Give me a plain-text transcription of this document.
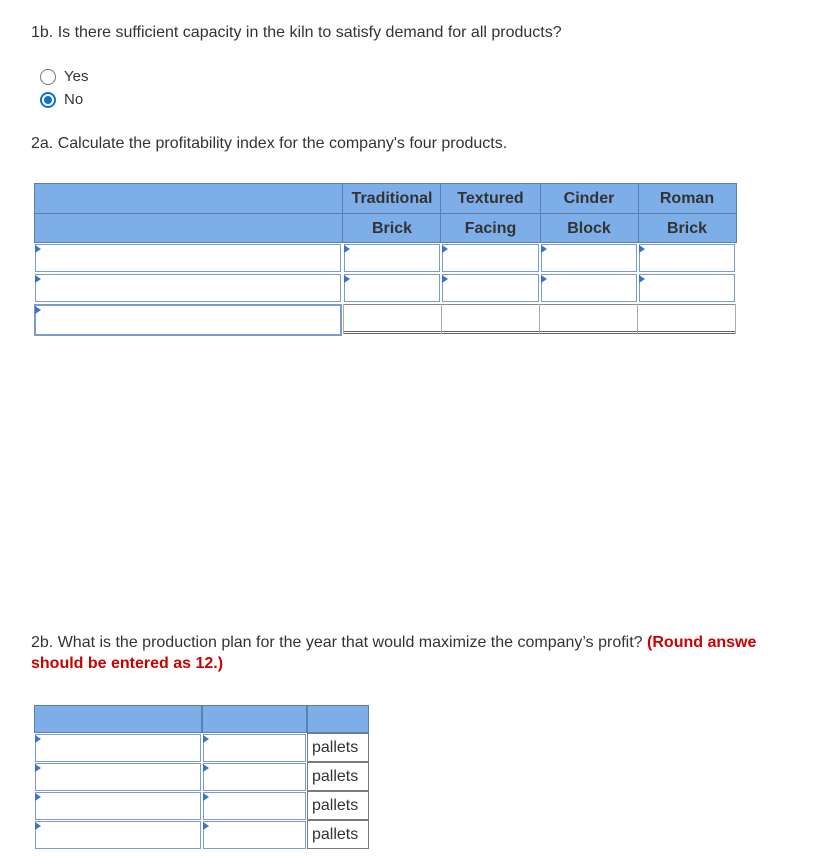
1b. Is there sufficient capacity in the kiln to satisfy demand for all products?

Yes
No

2a. Calculate the profitability index for the company's four products.

Traditional
Brick
Textured
Facing
Cinder
Block
Roman
Brick

2b. What is the production plan for the year that would maximize the company’s profit? (Round answe

should be entered as 12.)

pallets
pallets
pallets
pallets
